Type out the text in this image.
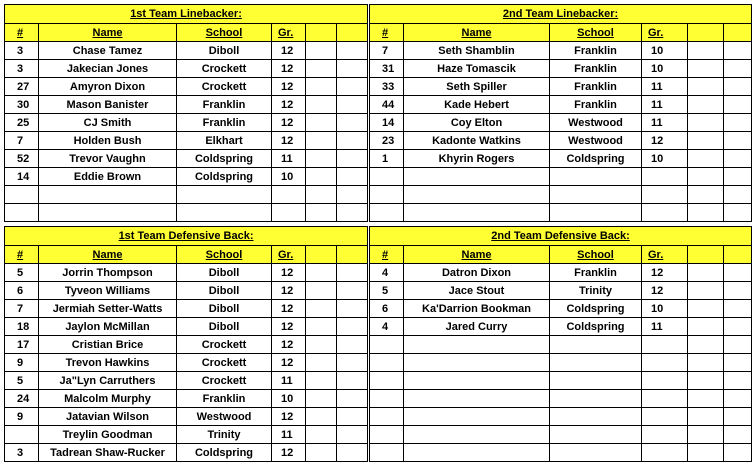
1st Team Linebacker:					
#	Name	School	Gr.		
3	Chase Tamez	Diboll	12		
3	Jakecian Jones	Crockett	12		
27	Amyron Dixon	Crockett	12		
30	Mason Banister	Franklin	12		
25	CJ Smith	Franklin	12		
7	Holden Bush	Elkhart	12		
52	Trevor Vaughn	Coldspring	11		
14	Eddie Brown	Coldspring	10		

2nd Team Linebacker:					
#	Name	School	Gr.		
7	Seth Shamblin	Franklin	10		
31	Haze Tomascik	Franklin	10		
33	Seth Spiller	Franklin	11		
44	Kade Hebert	Franklin	11		
14	Coy Elton	Westwood	11		
23	Kadonte Watkins	Westwood	12		
1	Khyrin Rogers	Coldspring	10		

1st Team Defensive Back:					
#	Name	School	Gr.		
5	Jorrin Thompson	Diboll	12		
6	Tyveon Williams	Diboll	12		
7	Jermiah Setter-Watts	Diboll	12		
18	Jaylon McMillan	Diboll	12		
17	Cristian Brice	Crockett	12		
9	Trevon Hawkins	Crockett	12		
5	Ja"Lyn Carruthers	Crockett	11		
24	Malcolm Murphy	Franklin	10		
9	Jatavian Wilson	Westwood	12		
	Treylin Goodman	Trinity	11		
3	Tadrean Shaw-Rucker	Coldspring	12		
2nd Team Defensive Back:					
#	Name	School	Gr.		
4	Datron Dixon	Franklin	12		
5	Jace Stout	Trinity	12		
6	Ka'Darrion Bookman	Coldspring	10		
4	Jared Curry	Coldspring	11		
